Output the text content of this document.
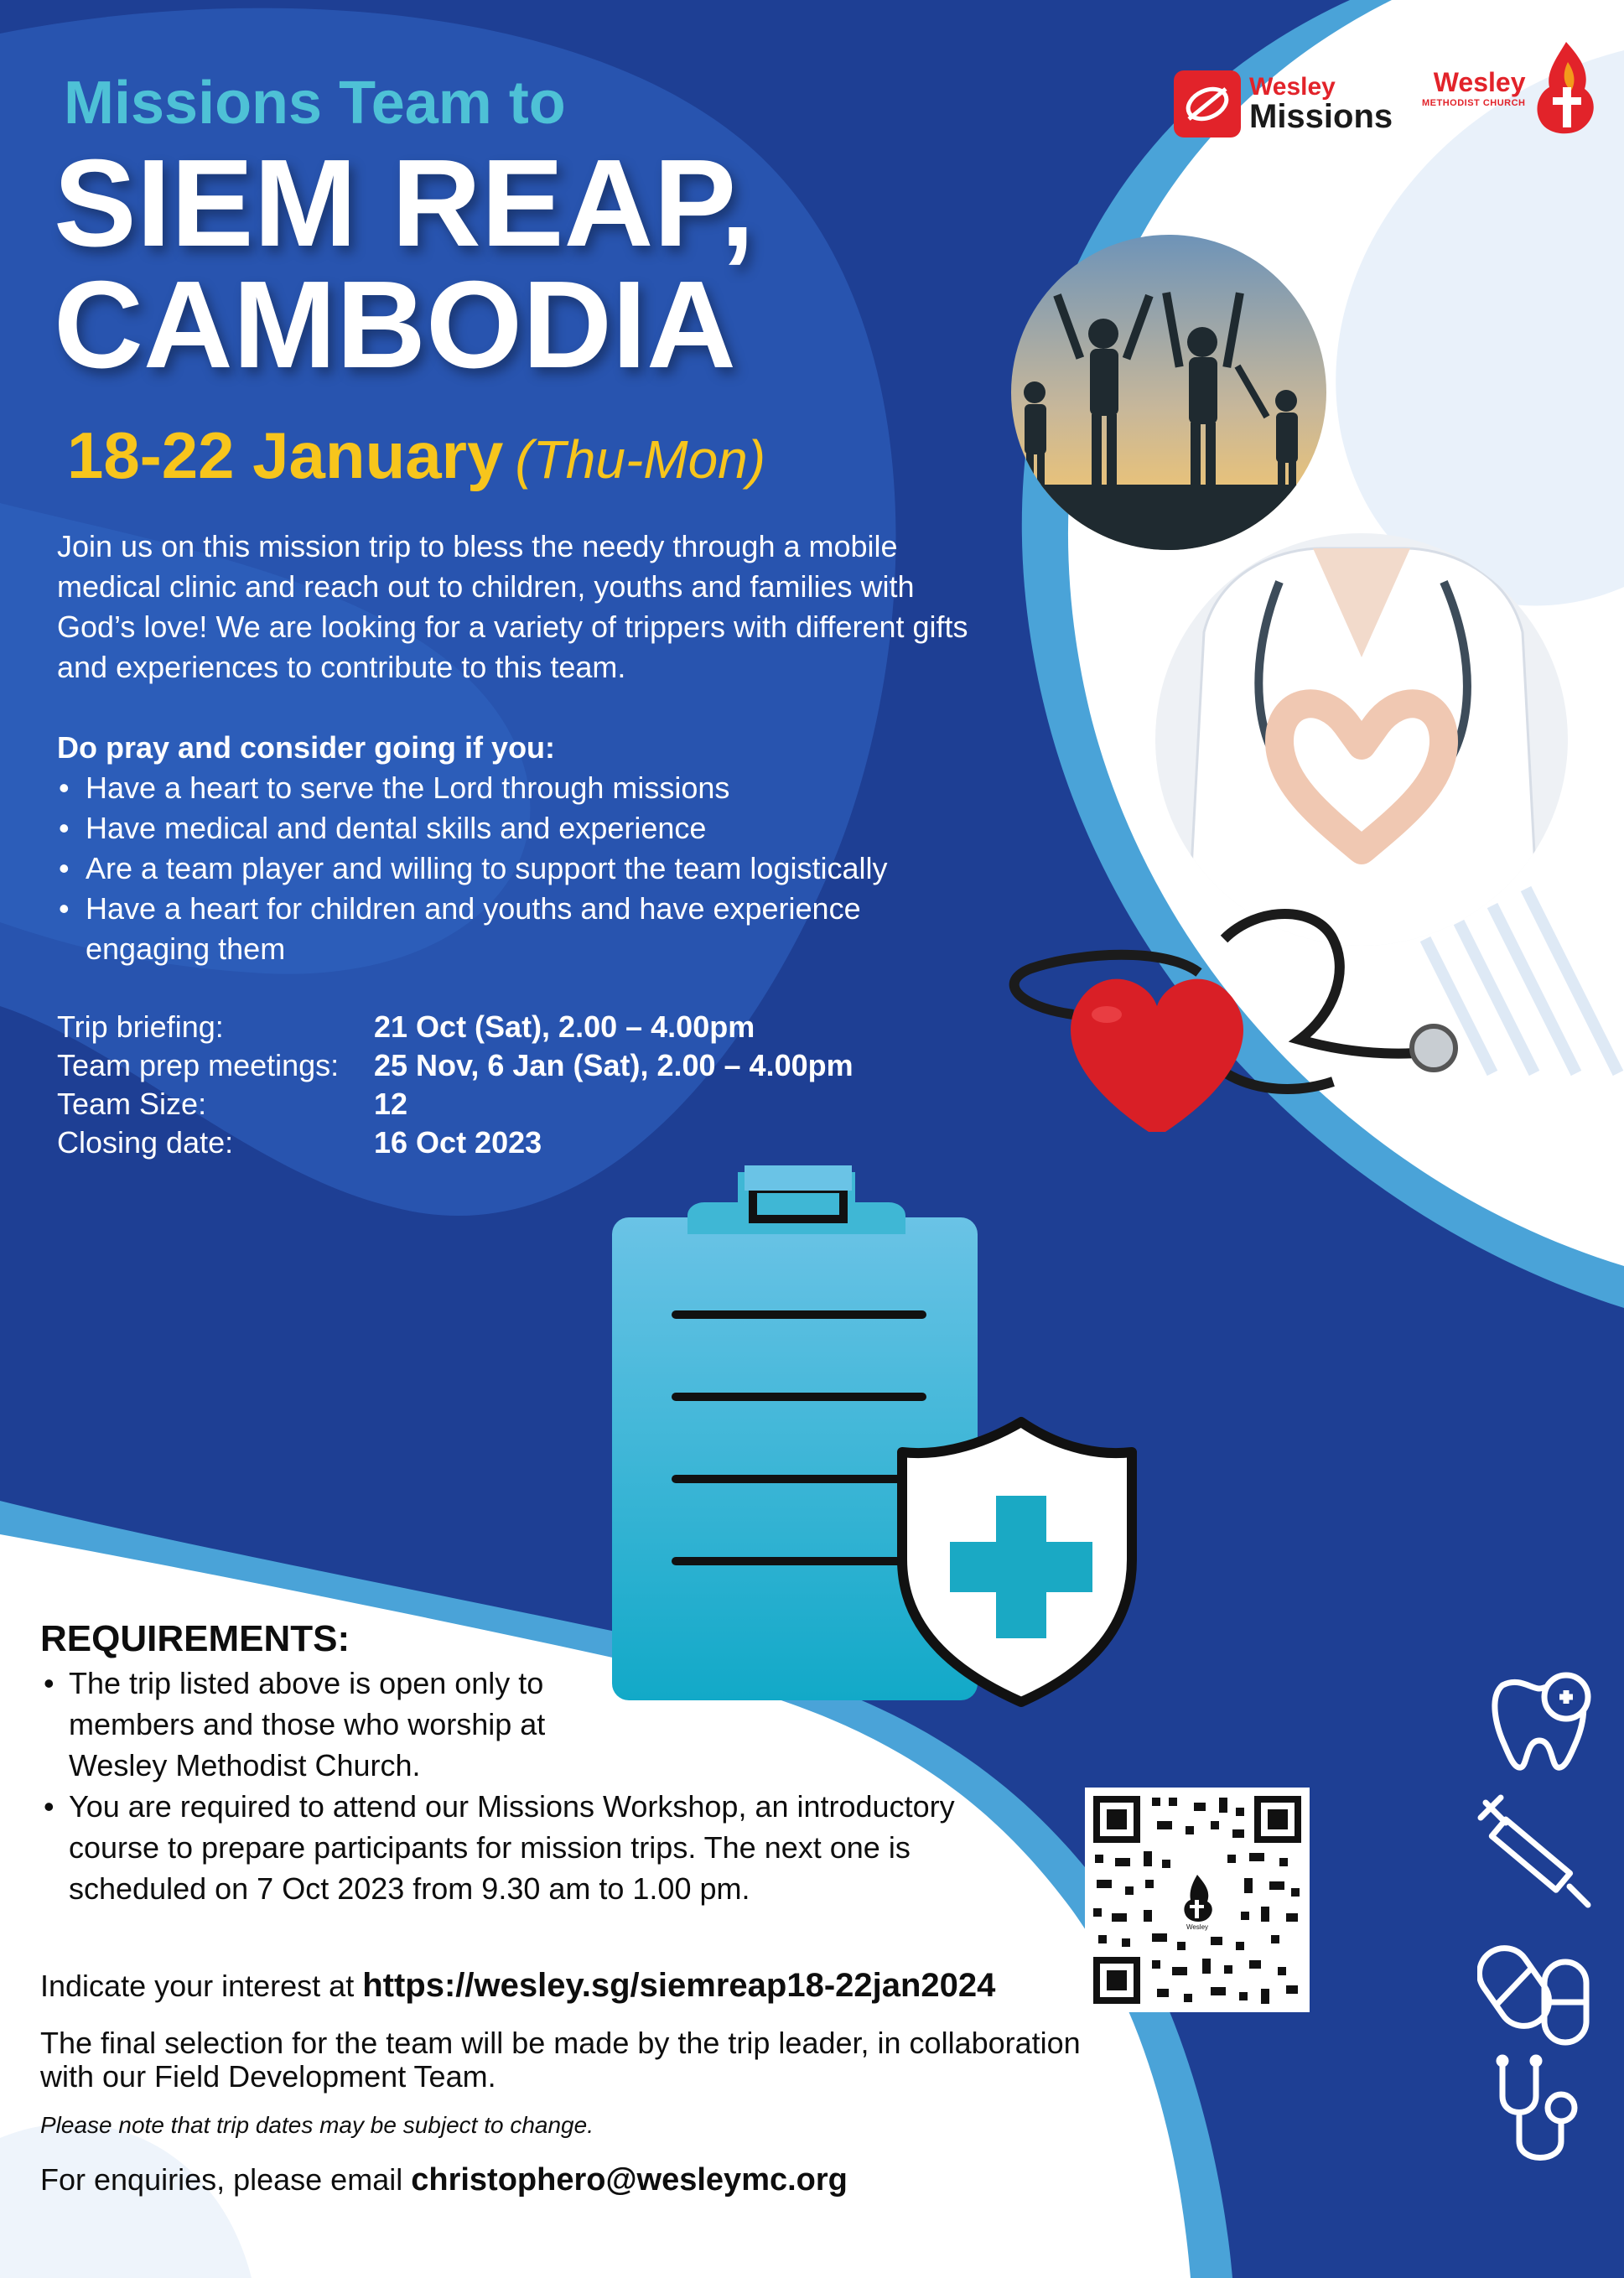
Wesley
Missions
Wesley
METHODIST CHURCH
Missions Team to
SIEM REAP,
CAMBODIA
18-22 January (Thu-Mon)

Join us on this mission trip to bless the needy through a mobile medical clinic and reach out to children, youths and families with God’s love! We are looking for a variety of trippers with different gifts and experiences to contribute to this team.

Do pray and consider going if you:

• Have a heart to serve the Lord through missions
• Have medical and dental skills and experience
• Are a team player and willing to support the team logistically
• Have a heart for children and youths and have experience engaging them
Trip briefing:	21 Oct (Sat), 2.00 – 4.00pm
Team prep meetings:	25 Nov, 6 Jan (Sat), 2.00 – 4.00pm
Team Size:	12
Closing date:	16 Oct 2023
REQUIREMENTS:
• The trip listed above is open only to members and those who worship at Wesley Methodist Church.
• You are required to attend our Missions Workshop, an introductory course to prepare participants for mission trips. The next one is scheduled on 7 Oct 2023 from 9.30 am to 1.00 pm.
Wesley
Indicate your interest at https://wesley.sg/siemreap18-22jan2024
The final selection for the team will be made by the trip leader, in collaboration with our Field Development Team.
Please note that trip dates may be subject to change.
For enquiries, please email christophero@wesleymc.org
